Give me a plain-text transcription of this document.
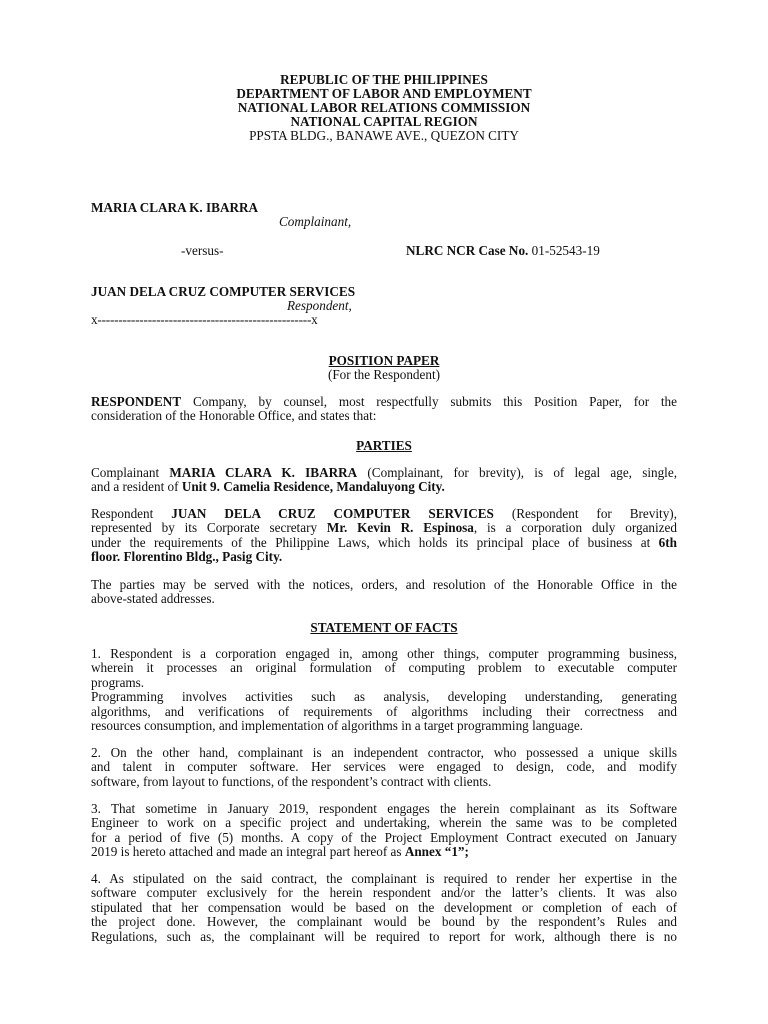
REPUBLIC OF THE PHILIPPINES
DEPARTMENT OF LABOR AND EMPLOYMENT
NATIONAL LABOR RELATIONS COMMISSION
NATIONAL CAPITAL REGION
PPSTA BLDG., BANAWE AVE., QUEZON CITY
MARIA CLARA K. IBARRA
Complainant,
-versus-	NLRC NCR Case No. 01-52543-19
JUAN DELA CRUZ COMPUTER SERVICES
Respondent,
x---------------------------------------------------x
POSITION PAPER
(For the Respondent)

RESPONDENT Company, by counsel, most respectfully submits this Position Paper, for the

consideration of the Honorable Office, and states that:

PARTIES

Complainant MARIA CLARA K. IBARRA (Complainant, for brevity), is of legal age, single,

and a resident of Unit 9. Camelia Residence, Mandaluyong City.

Respondent JUAN DELA CRUZ COMPUTER SERVICES (Respondent for Brevity),

represented by its Corporate secretary Mr. Kevin R. Espinosa, is a corporation duly organized

under the requirements of the Philippine Laws, which holds its principal place of business at 6th

floor. Florentino Bldg., Pasig City.

The parties may be served with the notices, orders, and resolution of the Honorable Office in the

above-stated addresses.

STATEMENT OF FACTS

1. Respondent is a corporation engaged in, among other things, computer programming business,

wherein it processes an original formulation of computing problem to executable computer

programs.

Programming involves activities such as analysis, developing understanding, generating

algorithms, and verifications of requirements of algorithms including their correctness and

resources consumption, and implementation of algorithms in a target programming language.

2. On the other hand, complainant is an independent contractor, who possessed a unique skills

and talent in computer software. Her services were engaged to design, code, and modify

software, from layout to functions, of the respondent’s contract with clients.

3. That sometime in January 2019, respondent engages the herein complainant as its Software

Engineer to work on a specific project and undertaking, wherein the same was to be completed

for a period of five (5) months. A copy of the Project Employment Contract executed on January

2019 is hereto attached and made an integral part hereof as Annex “1”;

4. As stipulated on the said contract, the complainant is required to render her expertise in the

software computer exclusively for the herein respondent and/or the latter’s clients. It was also

stipulated that her compensation would be based on the development or completion of each of

the project done. However, the complainant would be bound by the respondent’s Rules and

Regulations, such as, the complainant will be required to report for work, although there is no
